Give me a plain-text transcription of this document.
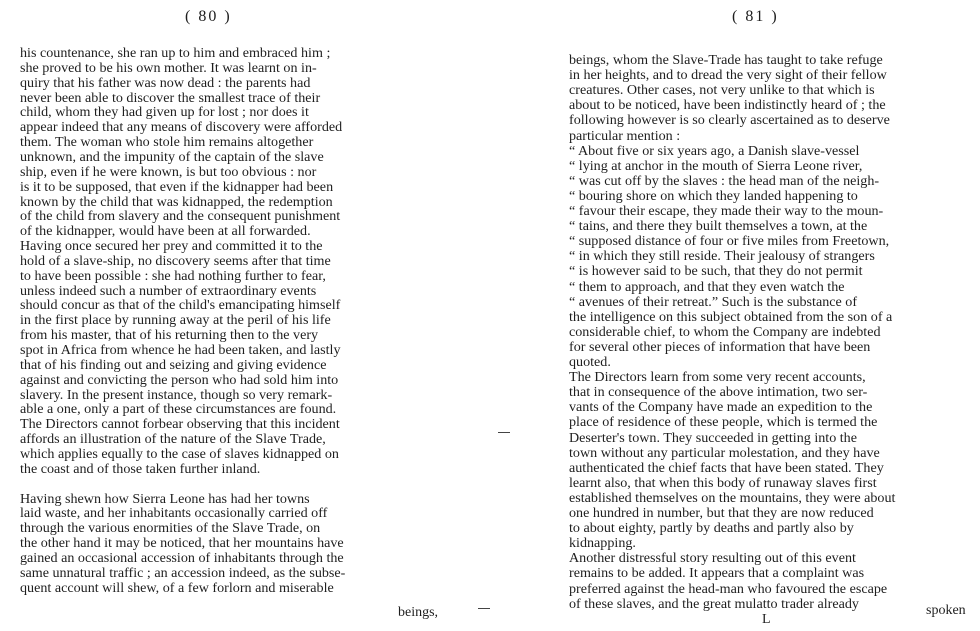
( 80 )
his countenance, she ran up to him and embraced him ;
she proved to be his own mother. It was learnt on in-
quiry that his father was now dead : the parents had
never been able to discover the smallest trace of their
child, whom they had given up for lost ; nor does it
appear indeed that any means of discovery were afforded
them. The woman who stole him remains altogether
unknown, and the impunity of the captain of the slave
ship, even if he were known, is but too obvious : nor
is it to be supposed, that even if the kidnapper had been
known by the child that was kidnapped, the redemption
of the child from slavery and the consequent punishment
of the kidnapper, would have been at all forwarded.
Having once secured her prey and committed it to the
hold of a slave-ship, no discovery seems after that time
to have been possible : she had nothing further to fear,
unless indeed such a number of extraordinary events
should concur as that of the child's emancipating himself
in the first place by running away at the peril of his life
from his master, that of his returning then to the very
spot in Africa from whence he had been taken, and lastly
that of his finding out and seizing and giving evidence
against and convicting the person who had sold him into
slavery. In the present instance, though so very remark-
able a one, only a part of these circumstances are found.
The Directors cannot forbear observing that this incident
affords an illustration of the nature of the Slave Trade,
which applies equally to the case of slaves kidnapped on
the coast and of those taken further inland.
Having shewn how Sierra Leone has had her towns
laid waste, and her inhabitants occasionally carried off
through the various enormities of the Slave Trade, on
the other hand it may be noticed, that her mountains have
gained an occasional accession of inhabitants through the
same unnatural traffic ; an accession indeed, as the subse-
quent account will shew, of a few forlorn and miserable
beings,
( 81 )
beings, whom the Slave-Trade has taught to take refuge
in her heights, and to dread the very sight of their fellow
creatures. Other cases, not very unlike to that which is
about to be noticed, have been indistinctly heard of ; the
following however is so clearly ascertained as to deserve
particular mention :
“ About five or six years ago, a Danish slave-vessel
“ lying at anchor in the mouth of Sierra Leone river,
“ was cut off by the slaves : the head man of the neigh-
“ bouring shore on which they landed happening to
“ favour their escape, they made their way to the moun-
“ tains, and there they built themselves a town, at the
“ supposed distance of four or five miles from Freetown,
“ in which they still reside. Their jealousy of strangers
“ is however said to be such, that they do not permit
“ them to approach, and that they even watch the
“ avenues of their retreat.” Such is the substance of
the intelligence on this subject obtained from the son of a
considerable chief, to whom the Company are indebted
for several other pieces of information that have been
quoted.
The Directors learn from some very recent accounts,
that in consequence of the above intimation, two ser-
vants of the Company have made an expedition to the
place of residence of these people, which is termed the
Deserter's town. They succeeded in getting into the
town without any particular molestation, and they have
authenticated the chief facts that have been stated. They
learnt also, that when this body of runaway slaves first
established themselves on the mountains, they were about
one hundred in number, but that they are now reduced
to about eighty, partly by deaths and partly also by
kidnapping.
Another distressful story resulting out of this event
remains to be added. It appears that a complaint was
preferred against the head-man who favoured the escape
of these slaves, and the great mulatto trader already
L
spoken
